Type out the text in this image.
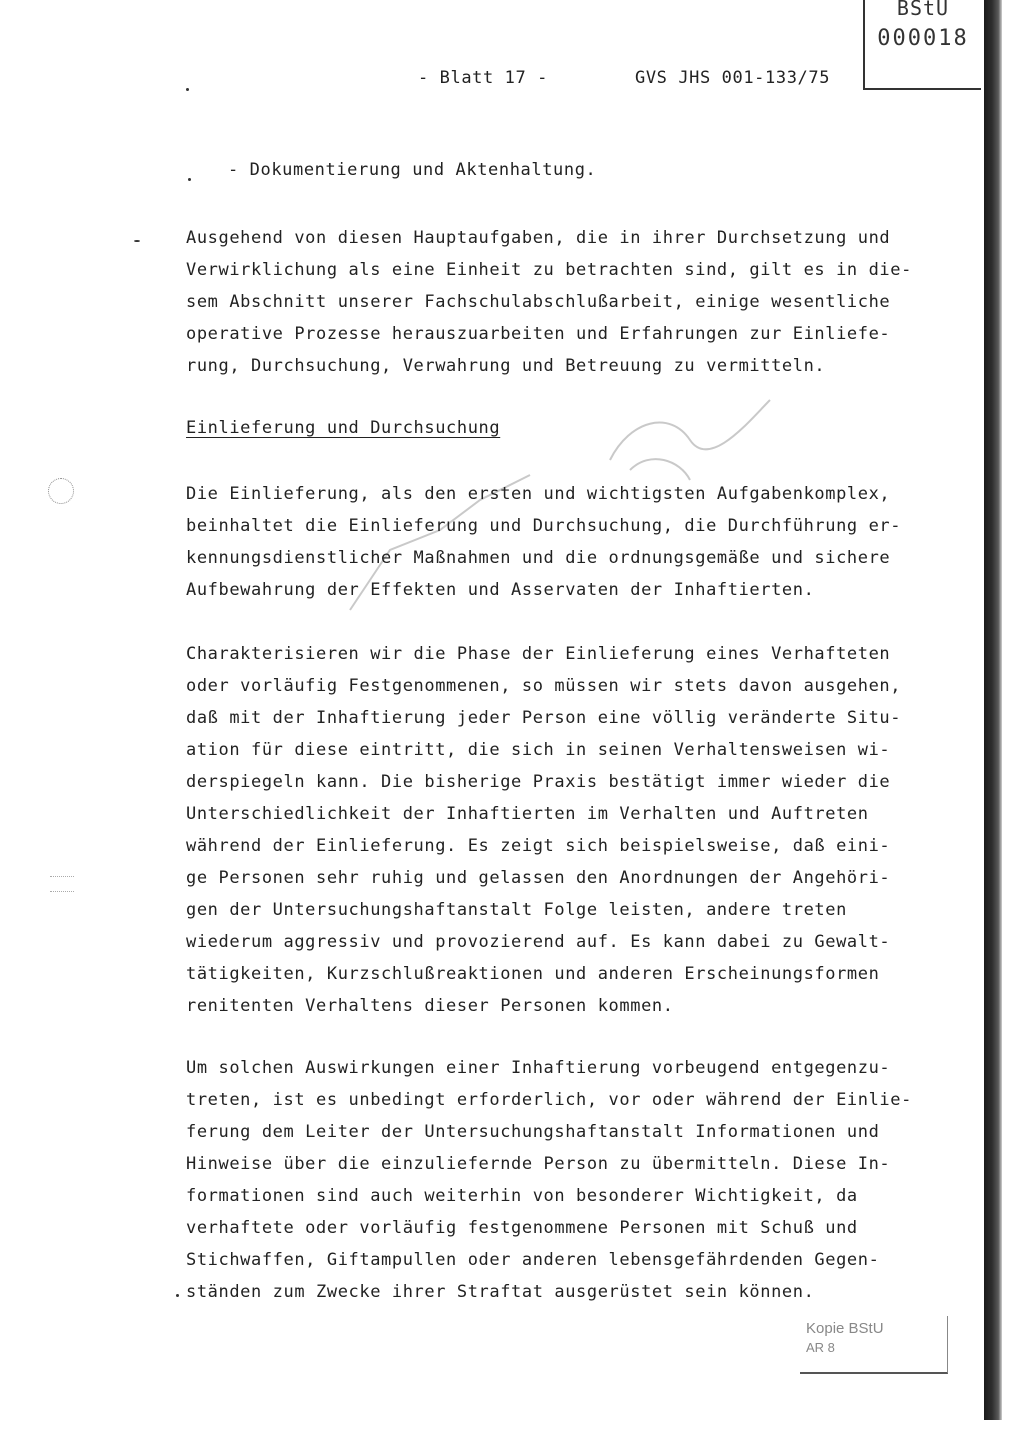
BStU
000018
- Blatt 17 -	GVS JHS 001-133/75
- Dokumentierung und Aktenhaltung.
Ausgehend von diesen Hauptaufgaben, die in ihrer Durchsetzung und
Verwirklichung als eine Einheit zu betrachten sind, gilt es in die-
sem Abschnitt unserer Fachschulabschlußarbeit, einige wesentliche
operative Prozesse herauszuarbeiten und Erfahrungen zur Einliefe-
rung, Durchsuchung, Verwahrung und Betreuung zu vermitteln.
Einlieferung und Durchsuchung
Die Einlieferung, als den ersten und wichtigsten Aufgabenkomplex,
beinhaltet die Einlieferung und Durchsuchung, die Durchführung er-
kennungsdienstlicher Maßnahmen und die ordnungsgemäße und sichere
Aufbewahrung der Effekten und Asservaten der Inhaftierten.
Charakterisieren wir die Phase der Einlieferung eines Verhafteten
oder vorläufig Festgenommenen, so müssen wir stets davon ausgehen,
daß mit der Inhaftierung jeder Person eine völlig veränderte Situ-
ation für diese eintritt, die sich in seinen Verhaltensweisen wi-
derspiegeln kann. Die bisherige Praxis bestätigt immer wieder die
Unterschiedlichkeit der Inhaftierten im Verhalten und Auftreten
während der Einlieferung. Es zeigt sich beispielsweise, daß eini-
ge Personen sehr ruhig und gelassen den Anordnungen der Angehöri-
gen der Untersuchungshaftanstalt Folge leisten, andere treten
wiederum aggressiv und provozierend auf. Es kann dabei zu Gewalt-
tätigkeiten, Kurzschlußreaktionen und anderen Erscheinungsformen
renitenten Verhaltens dieser Personen kommen.
Um solchen Auswirkungen einer Inhaftierung vorbeugend entgegenzu-
treten, ist es unbedingt erforderlich, vor oder während der Einlie-
ferung dem Leiter der Untersuchungshaftanstalt Informationen und
Hinweise über die einzuliefernde Person zu übermitteln. Diese In-
formationen sind auch weiterhin von besonderer Wichtigkeit, da
verhaftete oder vorläufig festgenommene Personen mit Schuß und
Stichwaffen, Giftampullen oder anderen lebensgefährdenden Gegen-
ständen zum Zwecke ihrer Straftat ausgerüstet sein können.
Kopie BStU
AR 8
